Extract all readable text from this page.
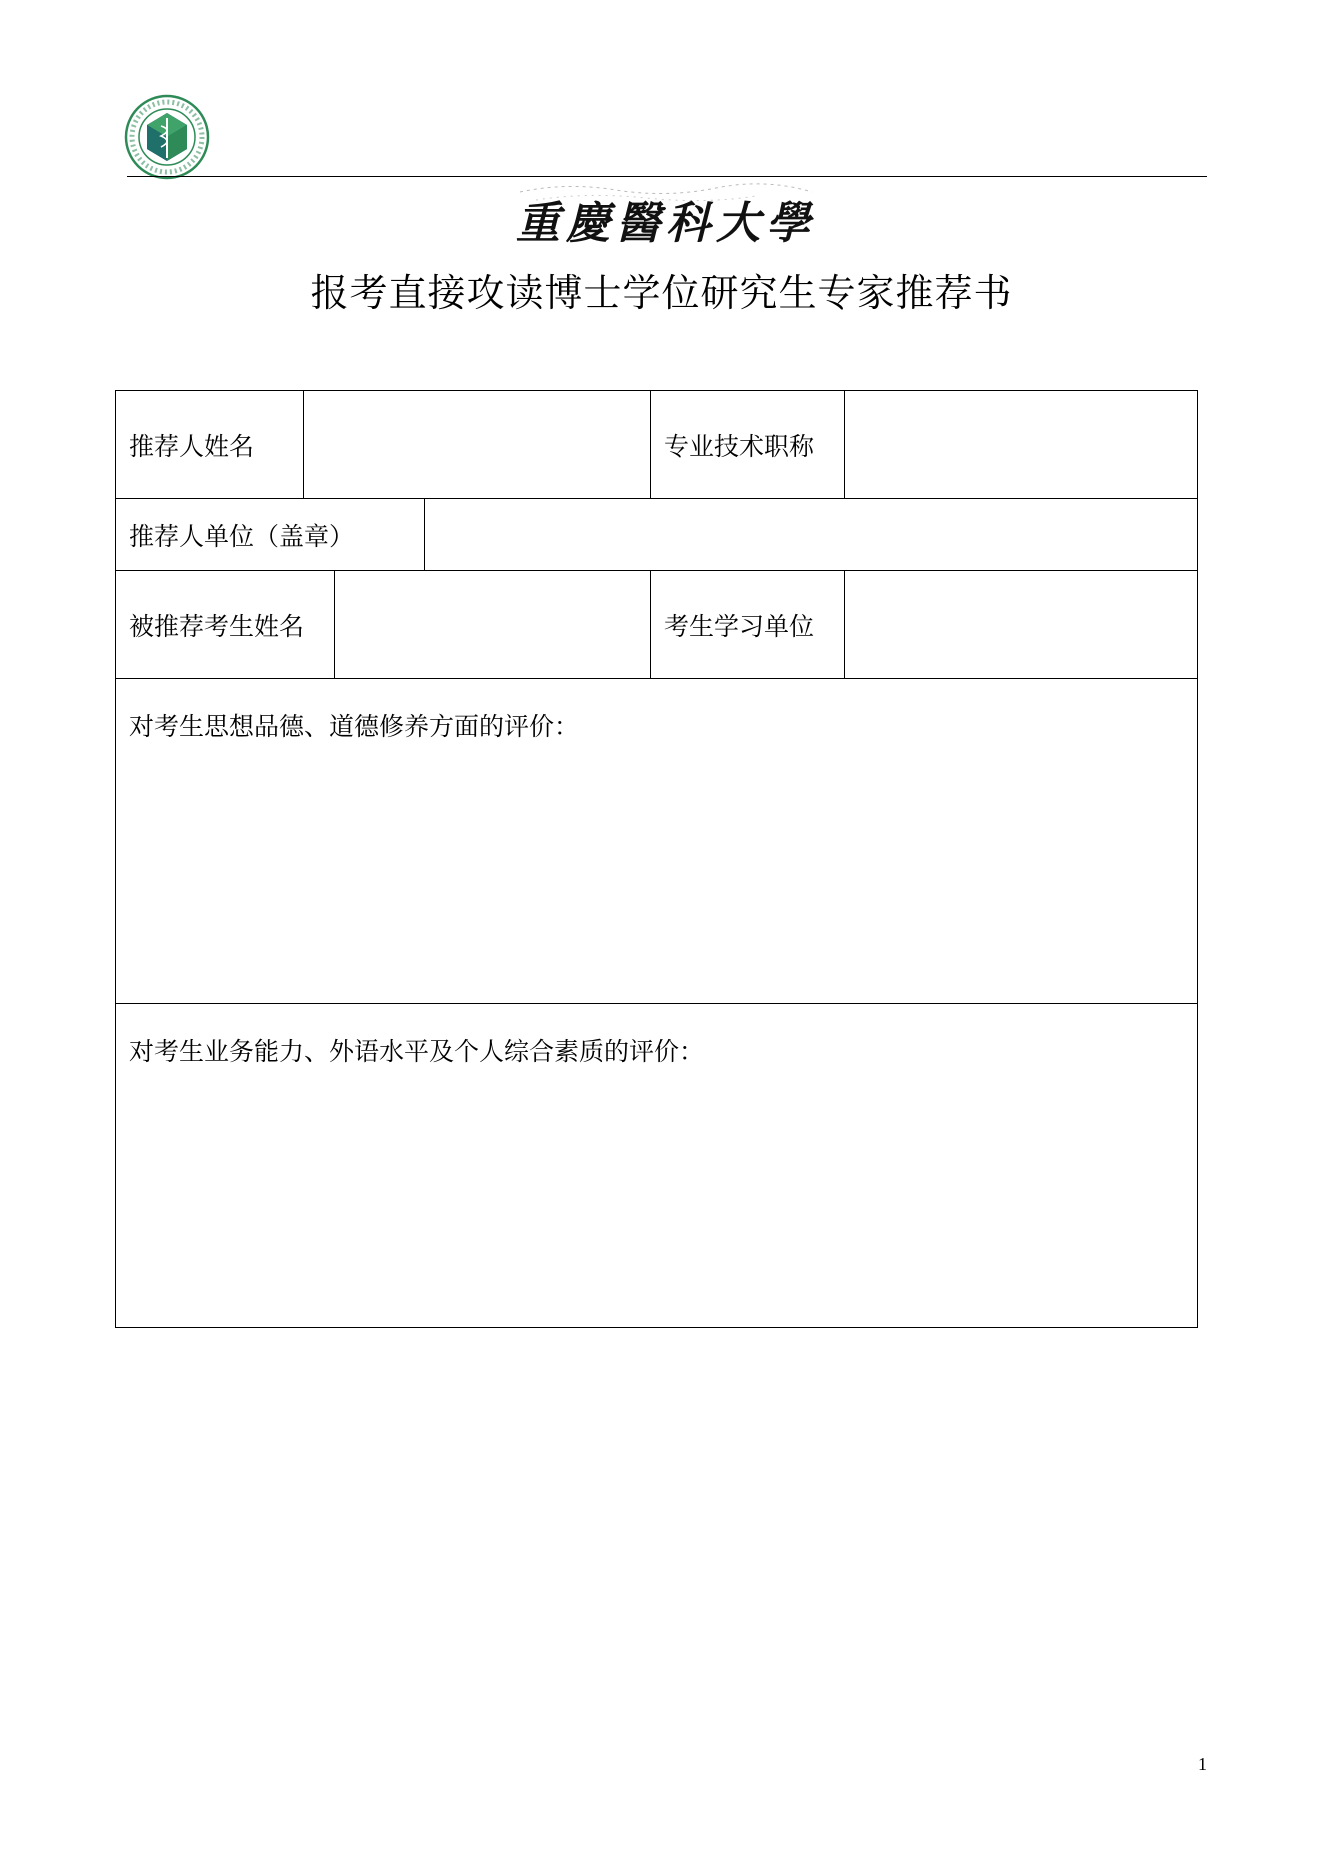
重慶醫科大學
报考直接攻读博士学位研究生专家推荐书
推荐人姓名	专业技术职称
推荐人单位（盖章）
被推荐考生姓名	考生学习单位
对考生思想品德、道德修养方面的评价：
对考生业务能力、外语水平及个人综合素质的评价：
1
